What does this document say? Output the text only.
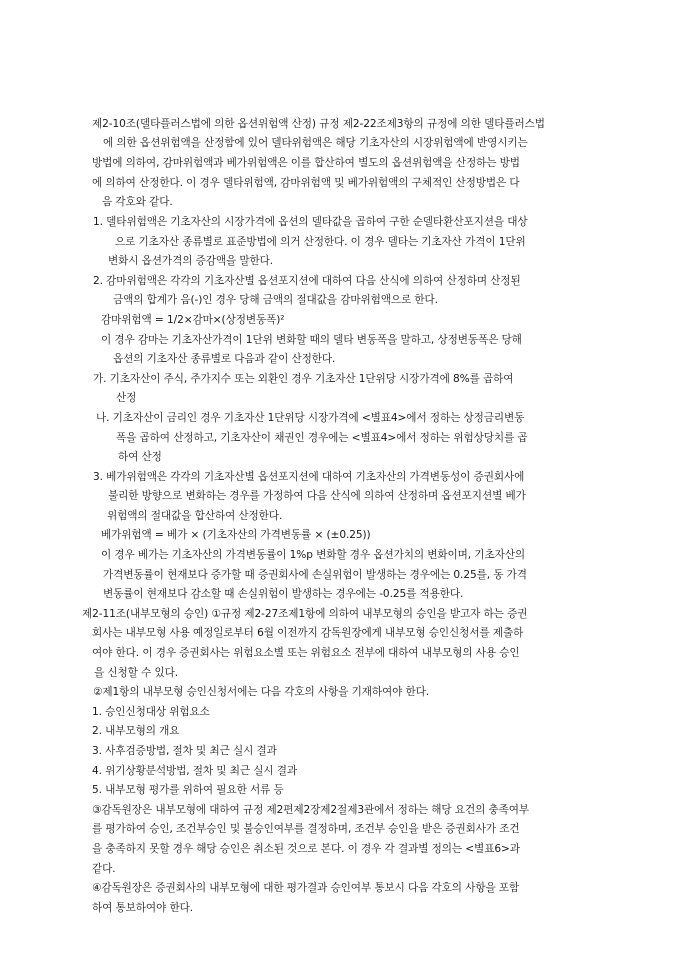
제2-10조(델타플러스법에 의한 옵션위험액 산정) 규정 제2-22조제3항의 규정에 의한 델타플러스법
에 의한 옵션위험액을 산정함에 있어 델타위험액은 해당 기초자산의 시장위험액에 반영시키는
방법에 의하여, 감마위험액과 베가위험액은 이를 합산하여 별도의 옵션위험액을 산정하는 방법
에 의하여 산정한다. 이 경우 델타위험액, 감마위험액 및 베가위험액의 구체적인 산정방법은 다
음 각호와 같다.
1. 델타위험액은 기초자산의 시장가격에 옵션의 델타값을 곱하여 구한 순델타환산포지션을 대상
으로 기초자산 종류별로 표준방법에 의거 산정한다. 이 경우 델타는 기초자산 가격이 1단위
변화시 옵션가격의 증감액을 말한다.
2. 감마위험액은 각각의 기초자산별 옵션포지션에 대하여 다음 산식에 의하여 산정하며 산정된
금액의 합계가 음(-)인 경우 당해 금액의 절대값을 감마위험액으로 한다.
감마위험액 = 1/2×감마×(상정변동폭)²
이 경우 감마는 기초자산가격이 1단위 변화할 때의 델타 변동폭을 말하고, 상정변동폭은 당해
옵션의 기초자산 종류별로 다음과 같이 산정한다.
가. 기초자산이 주식, 주가지수 또는 외환인 경우 기초자산 1단위당 시장가격에 8%를 곱하여
산정
나. 기초자산이 금리인 경우 기초자산 1단위당 시장가격에 <별표4>에서 정하는 상정금리변동
폭을 곱하여 산정하고, 기초자산이 채권인 경우에는 <별표4>에서 정하는 위험상당치를 곱
하여 산정
3. 베가위험액은 각각의 기초자산별 옵션포지션에 대하여 기초자산의 가격변동성이 증권회사에
불리한 방향으로 변화하는 경우를 가정하여 다음 산식에 의하여 산정하며 옵션포지션별 베가
위험액의 절대값을 합산하여 산정한다.
베가위험액 = 베가 × (기초자산의 가격변동률 × (±0.25))
이 경우 베가는 기초자산의 가격변동률이 1%p 변화할 경우 옵션가치의 변화이며, 기초자산의
가격변동률이 현재보다 증가할 때 증권회사에 손실위험이 발생하는 경우에는 0.25를, 동 가격
변동률이 현재보다 감소할 때 손실위험이 발생하는 경우에는 -0.25를 적용한다.
제2-11조(내부모형의 승인) ①규정 제2-27조제1항에 의하여 내부모형의 승인을 받고자 하는 증권
회사는 내부모형 사용 예정일로부터 6월 이전까지 감독원장에게 내부모형 승인신청서를 제출하
여야 한다. 이 경우 증권회사는 위험요소별 또는 위험요소 전부에 대하여 내부모형의 사용 승인
을 신청할 수 있다.
②제1항의 내부모형 승인신청서에는 다음 각호의 사항을 기재하여야 한다.
1. 승인신청대상 위험요소
2. 내부모형의 개요
3. 사후검증방법, 절차 및 최근 실시 결과
4. 위기상황분석방법, 절차 및 최근 실시 결과
5. 내부모형 평가를 위하여 필요한 서류 등
③감독원장은 내부모형에 대하여 규정 제2편제2장제2절제3관에서 정하는 해당 요건의 충족여부
를 평가하여 승인, 조건부승인 및 불승인여부를 결정하며, 조건부 승인을 받은 증권회사가 조건
을 충족하지 못할 경우 해당 승인은 취소된 것으로 본다. 이 경우 각 결과별 정의는 <별표6>과
같다.
④감독원장은 증권회사의 내부모형에 대한 평가결과 승인여부 통보시 다음 각호의 사항을 포함
하여 통보하여야 한다.
